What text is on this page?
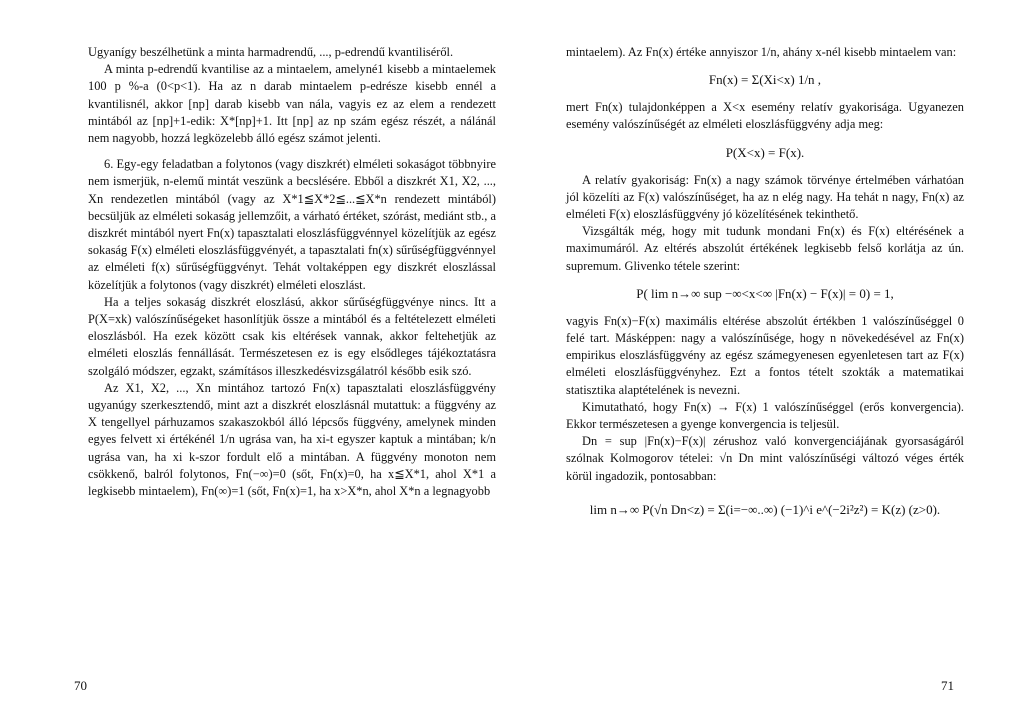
Ugyanígy beszélhetünk a minta harmadrendű, ..., p-edrendű kvantiliséről.

A minta p-edrendű kvantilise az a mintaelem, amelyné1 kisebb a mintaelemek 100 p %-a (0<p<1). Ha az n darab mintaelem p-edrésze kisebb ennél a kvantilisnél, akkor [np] darab kisebb van nála, vagyis ez az elem a rendezett mintából az [np]+1-edik: X*[np]+1. Itt [np] az np szám egész részét, a nálánál nem nagyobb, hozzá legközelebb álló egész számot jelenti.

6. Egy-egy feladatban a folytonos (vagy diszkrét) elméleti sokaságot többnyire nem ismerjük, n-elemű mintát veszünk a becslésére. Ebből a diszkrét X1, X2, ..., Xn rendezetlen mintából (vagy az X*1≦X*2≦...≦X*n rendezett mintából) becsüljük az elméleti sokaság jellemzőit, a várható értéket, szórást, mediánt stb., a diszkrét mintából nyert Fn(x) tapasztalati eloszlásfüggvénnyel közelítjük az egész sokaság F(x) elméleti eloszlásfüggvényét, a tapasztalati fn(x) sűrűségfüggvénnyel az elméleti f(x) sűrűségfüggvényt. Tehát voltaképpen egy diszkrét eloszlással közelítjük a folytonos (vagy diszkrét) elméleti eloszlást.

Ha a teljes sokaság diszkrét eloszlású, akkor sűrűségfüggvénye nincs. Itt a P(X=xk) valószínűségeket hasonlítjük össze a mintából és a feltételezett elméleti eloszlásból. Ha ezek között csak kis eltérések vannak, akkor feltehetjük az elméleti eloszlás fennállását. Természetesen ez is egy elsődleges tájékoztatásra szolgáló módszer, egzakt, számításos illeszkedésvizsgálatról később esik szó.

Az X1, X2, ..., Xn mintához tartozó Fn(x) tapasztalati eloszlásfüggvény ugyanúgy szerkesztendő, mint azt a diszkrét eloszlásnál mutattuk: a függvény az X tengellyel párhuzamos szakaszokból álló lépcsős függvény, amelynek minden egyes felvett xi értékénél 1/n ugrása van, ha xi-t egyszer kaptuk a mintában; k/n ugrása van, ha xi k-szor fordult elő a mintában. A függvény monoton nem csökkenő, balról folytonos, Fn(−∞)=0 (sőt, Fn(x)=0, ha x≦X*1, ahol X*1 a legkisebb mintaelem), Fn(∞)=1 (sőt, Fn(x)=1, ha x>X*n, ahol X*n a legnagyobb

70

mintaelem). Az Fn(x) értéke annyiszor 1/n, ahány x-nél kisebb mintaelem van:

Fn(x) = Σ(Xi<x) 1/n ,

mert Fn(x) tulajdonképpen a X<x esemény relatív gyakorisága. Ugyanezen esemény valószínűségét az elméleti eloszlásfüggvény adja meg:

P(X<x) = F(x).

A relatív gyakoriság: Fn(x) a nagy számok törvénye értelmében várhatóan jól közelíti az F(x) valószínűséget, ha az n elég nagy. Ha tehát n nagy, Fn(x) az elméleti F(x) eloszlásfüggvény jó közelítésének tekinthető.

Vizsgálták még, hogy mit tudunk mondani Fn(x) és F(x) eltérésének a maximumáról. Az eltérés abszolút értékének legkisebb felső korlátja az ún. supremum. Glivenko tétele szerint:

P( lim n→∞ sup −∞<x<∞ |Fn(x) − F(x)| = 0) = 1,

vagyis Fn(x)−F(x) maximális eltérése abszolút értékben 1 valószínűséggel 0 felé tart. Másképpen: nagy a valószínűsége, hogy n növekedésével az Fn(x) empirikus eloszlásfüggvény az egész számegyenesen egyenletesen tart az F(x) elméleti eloszlásfüggvényhez. Ezt a fontos tételt szokták a matematikai statisztika alaptételének is nevezni.

Kimutatható, hogy Fn(x) → F(x) 1 valószínűséggel (erős konvergencia). Ekkor természetesen a gyenge konvergencia is teljesül.

Dn = sup |Fn(x)−F(x)| zérushoz való konvergenciájának gyorsaságáról szólnak Kolmogorov tételei: √n Dn mint valószínűségi változó véges érték körül ingadozik, pontosabban:

lim n→∞ P(√n Dn<z) = Σ(i=−∞..∞) (−1)^i e^(−2i²z²) = K(z) (z>0).
71
